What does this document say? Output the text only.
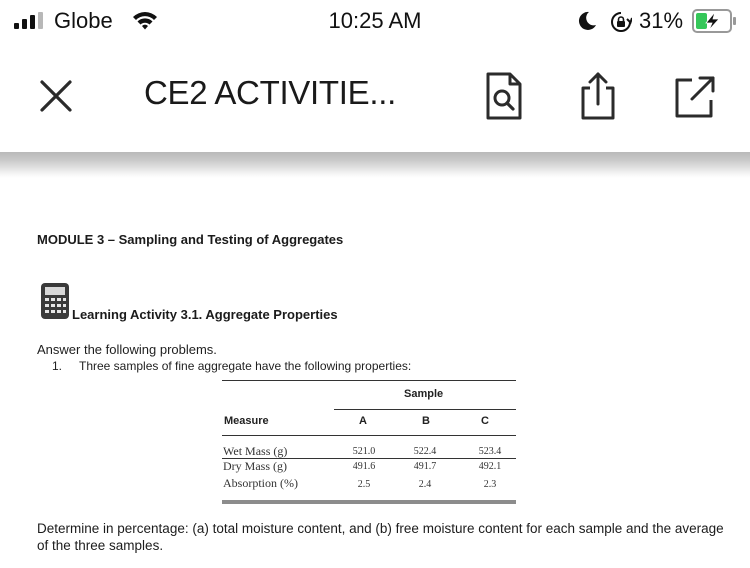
Globe	10:25 AM	31%
CE2 ACTIVITIE...
MODULE 3 – Sampling and Testing of Aggregates
Learning Activity 3.1. Aggregate Properties
Answer the following problems.
1. Three samples of fine aggregate have the following properties:
Sample
Measure	A	B	C
Wet Mass (g)	521.0	522.4	523.4
Dry Mass (g)	491.6	491.7	492.1
Absorption (%)	2.5	2.4	2.3
Determine in percentage: (a) total moisture content, and (b) free moisture content for each sample and the average of the three samples.
